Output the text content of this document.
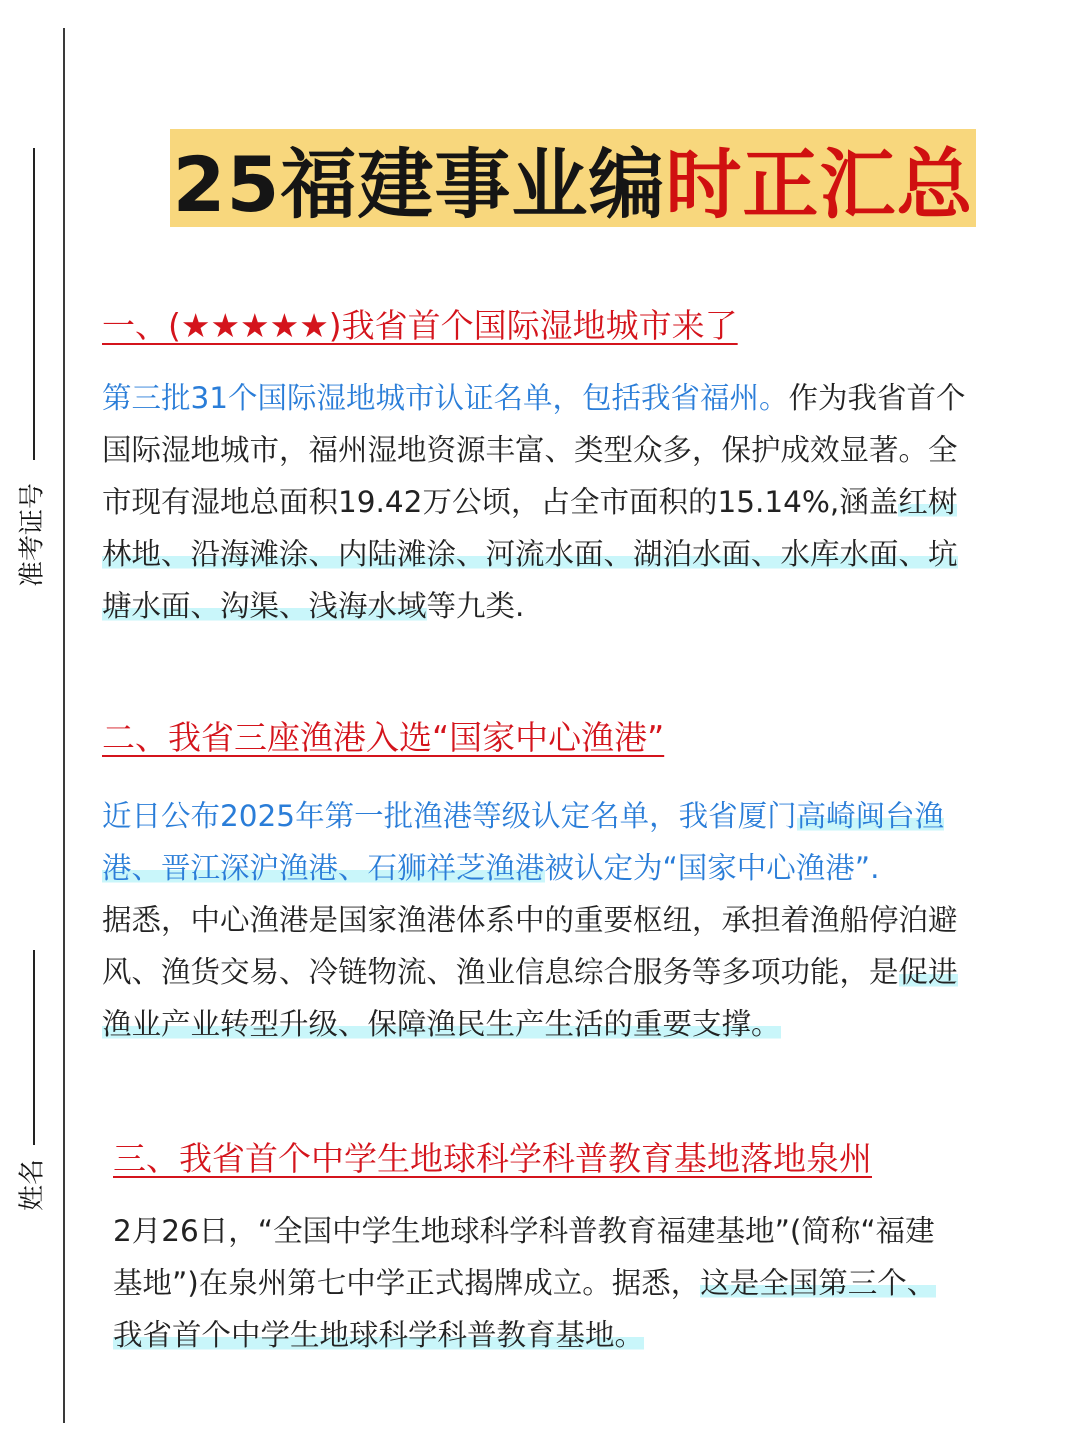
准考证号
姓名
25福建事业编 时正汇总
一、(★★★★★)我省首个国际湿地城市来了
第三批31个国际湿地城市认证名单，包括我省福州。作为我省首个
国际湿地城市，福州湿地资源丰富、类型众多，保护成效显著。全
市现有湿地总面积19.42万公顷，占全市面积的15.14%,涵盖红树
林地、沿海滩涂、内陆滩涂、河流水面、湖泊水面、水库水面、坑
塘水面、沟渠、浅海水域等九类.
二、我省三座渔港入选“国家中心渔港”
近日公布2025年第一批渔港等级认定名单，我省厦门高崎闽台渔
港、晋江深沪渔港、石狮祥芝渔港被认定为“国家中心渔港”.
据悉，中心渔港是国家渔港体系中的重要枢纽，承担着渔船停泊避
风、渔货交易、冷链物流、渔业信息综合服务等多项功能，是促进
渔业产业转型升级、保障渔民生产生活的重要支撑。
三、我省首个中学生地球科学科普教育基地落地泉州
2月26日，“全国中学生地球科学科普教育福建基地”(简称“福建
基地”)在泉州第七中学正式揭牌成立。据悉，这是全国第三个、
我省首个中学生地球科学科普教育基地。
